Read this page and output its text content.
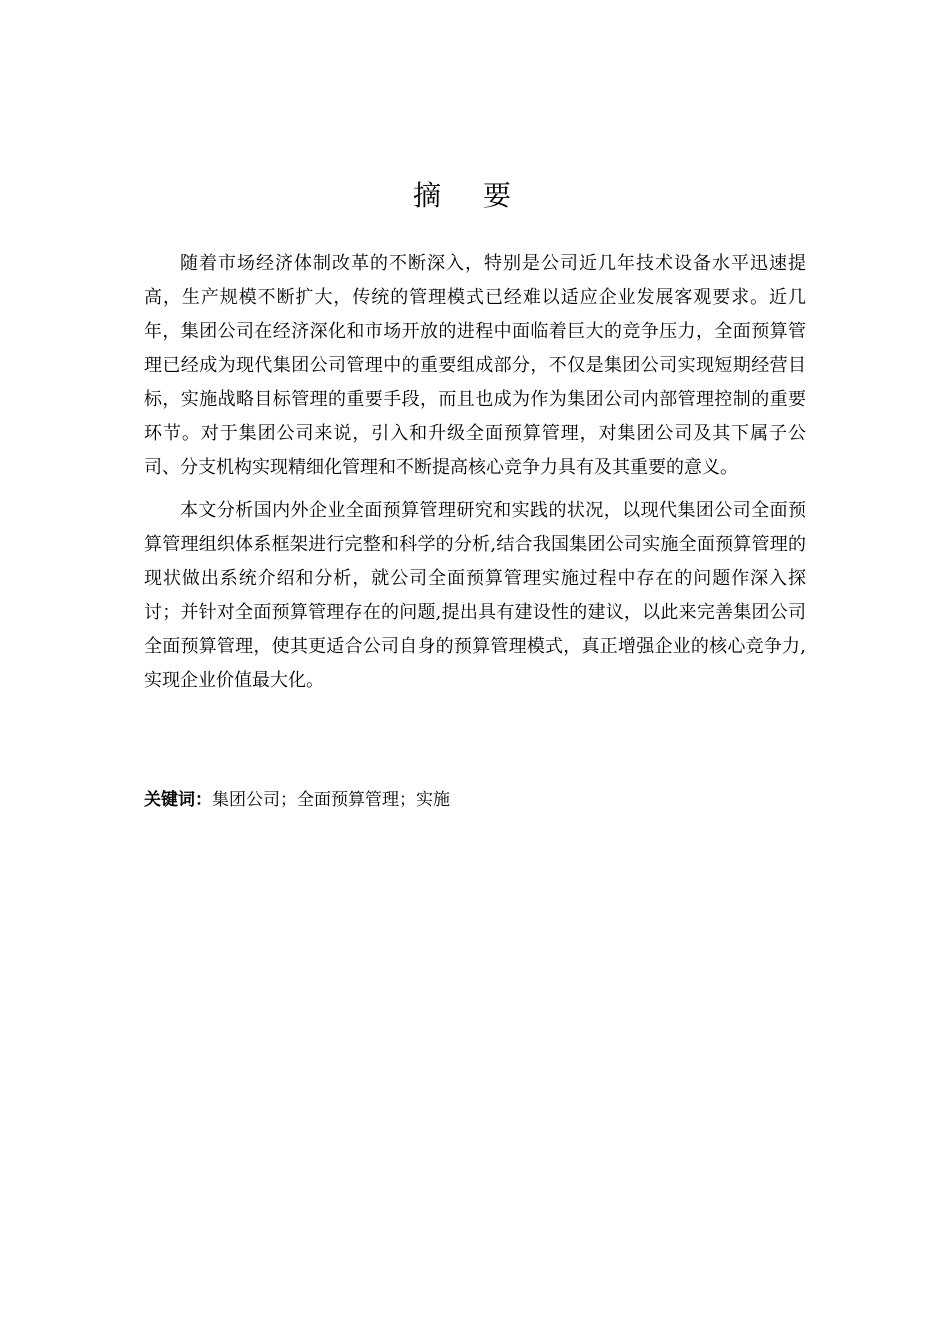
摘要

随着市场经济体制改革的不断深入，特别是公司近几年技术设备水平迅速提高，生产规模不断扩大，传统的管理模式已经难以适应企业发展客观要求。近几年，集团公司在经济深化和市场开放的进程中面临着巨大的竞争压力，全面预算管理已经成为现代集团公司管理中的重要组成部分，不仅是集团公司实现短期经营目标，实施战略目标管理的重要手段，而且也成为作为集团公司内部管理控制的重要环节。对于集团公司来说，引入和升级全面预算管理，对集团公司及其下属子公司、分支机构实现精细化管理和不断提高核心竞争力具有及其重要的意义。

本文分析国内外企业全面预算管理研究和实践的状况，以现代集团公司全面预算管理组织体系框架进行完整和科学的分析,结合我国集团公司实施全面预算管理的现状做出系统介绍和分析，就公司全面预算管理实施过程中存在的问题作深入探讨；并针对全面预算管理存在的问题,提出具有建设性的建议，以此来完善集团公司全面预算管理，使其更适合公司自身的预算管理模式，真正增强企业的核心竞争力,实现企业价值最大化。

关键词：集团公司；全面预算管理；实施
